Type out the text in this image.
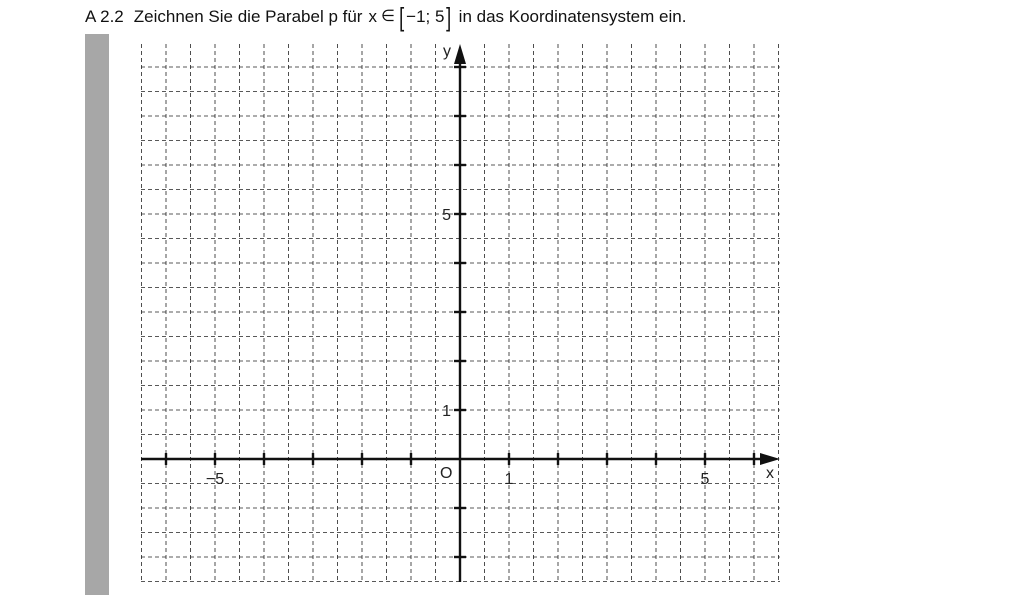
A 2.2 Zeichnen Sie die Parabel p für x ∈ [ −1; 5 ] in das Koordinatensystem ein.
x
y
O
−5	1	5
1
5
